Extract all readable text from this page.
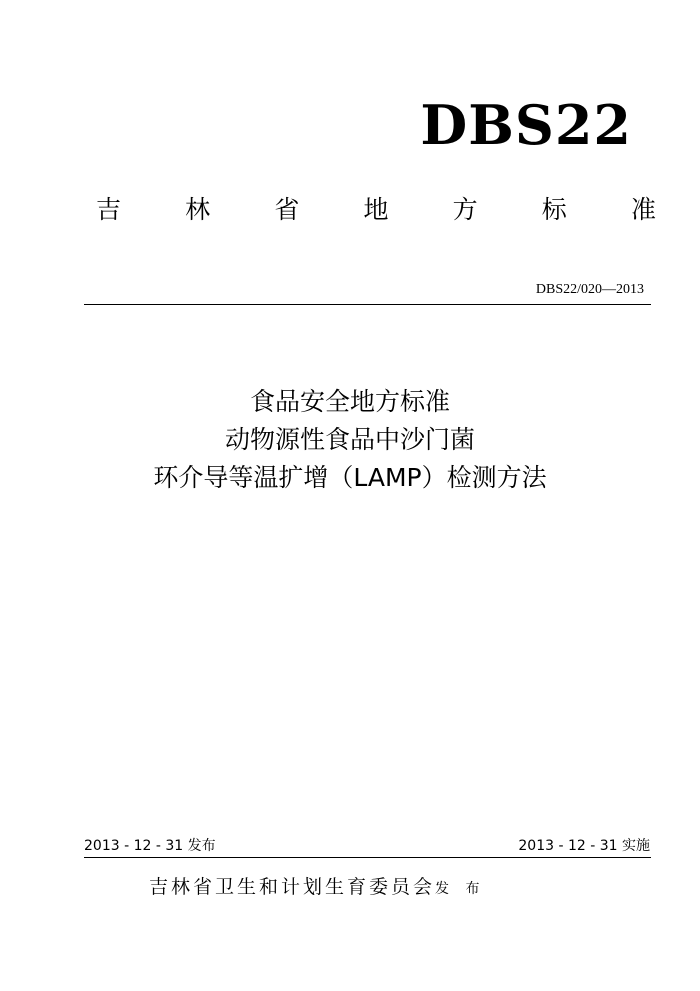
DBS22
吉	林	省	地	方	标	准
DBS22/020—2013
食品安全地方标准
动物源性食品中沙门菌
环介导等温扩增（LAMP）检测方法
2013 - 12 - 31 发布	2013 - 12 - 31 实施
吉林省卫生和计划生育委员会发 布
